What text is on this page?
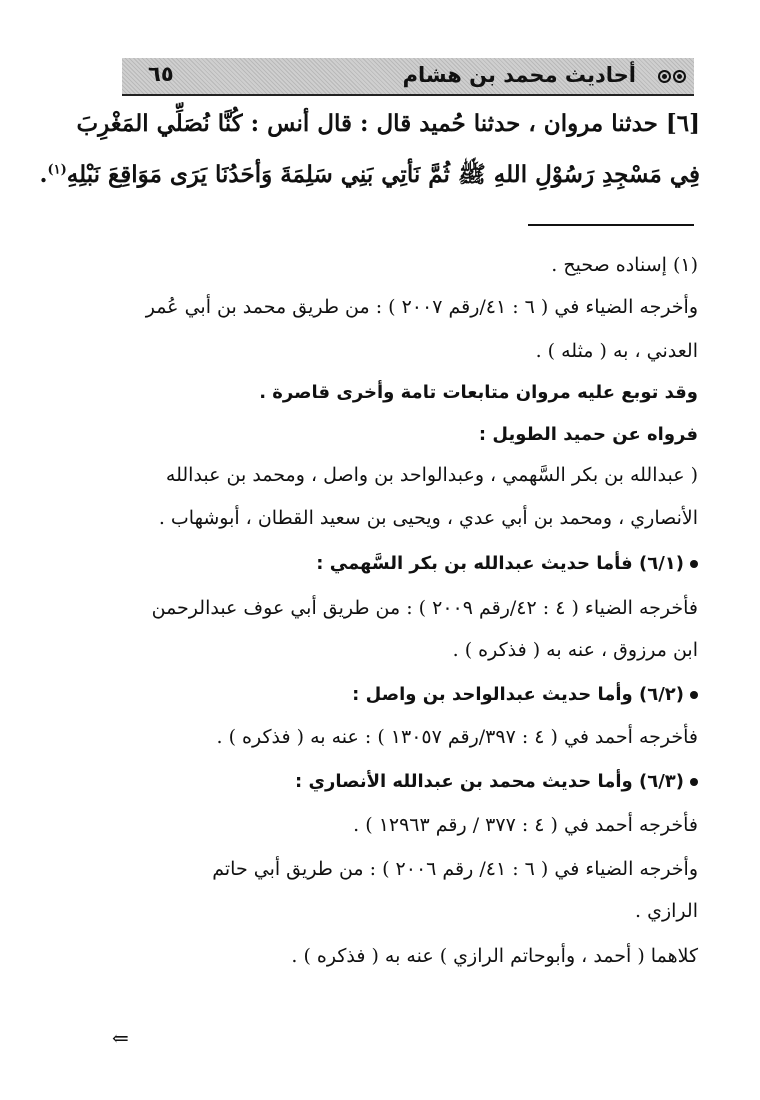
أحاديث محمد بن هشام
٦٥
[٦] حدثنا مروان ، حدثنا حُميد قال : قال أنس : كُنَّا نُصَلِّي المَغْرِبَ
فِي مَسْجِدِ رَسُوْلِ اللهِ ﷺ ثُمَّ نَأتِي بَنِي سَلِمَةَ وَأحَدُنَا يَرَى مَوَاقِعَ نَبْلِهِ$^{(١)}$.
(١) إسناده صحيح .
وأخرجه الضياء في ( ٦ : ٤١/رقم ٢٠٠٧ ) : من طريق محمد بن أبي عُمر
العدني ، به ( مثله ) .
وقد توبع عليه مروان متابعات تامة وأخرى قاصرة .
فرواه عن حميد الطويل :
( عبدالله بن بكر السَّهمي ، وعبدالواحد بن واصل ، ومحمد بن عبدالله
الأنصاري ، ومحمد بن أبي عدي ، ويحيى بن سعيد القطان ، أبوشهاب .
(٦/١) فأما حديث عبدالله بن بكر السَّهمي :
فأخرجه الضياء ( ٤ : ٤٢/رقم ٢٠٠٩ ) : من طريق أبي عوف عبدالرحمن
ابن مرزوق ، عنه به ( فذكره ) .
(٦/٢) وأما حديث عبدالواحد بن واصل :
فأخرجه أحمد في ( ٤ : ٣٩٧/رقم ١٣٠٥٧ ) : عنه به ( فذكره ) .
(٦/٣) وأما حديث محمد بن عبدالله الأنصاري :
فأخرجه أحمد في ( ٤ : ٣٧٧ / رقم ١٢٩٦٣ ) .
وأخرجه الضياء في ( ٦ : ٤١/ رقم ٢٠٠٦ ) : من طريق أبي حاتم
الرازي .
كلاهما ( أحمد ، وأبوحاتم الرازي ) عنه به ( فذكره ) .
⇐
